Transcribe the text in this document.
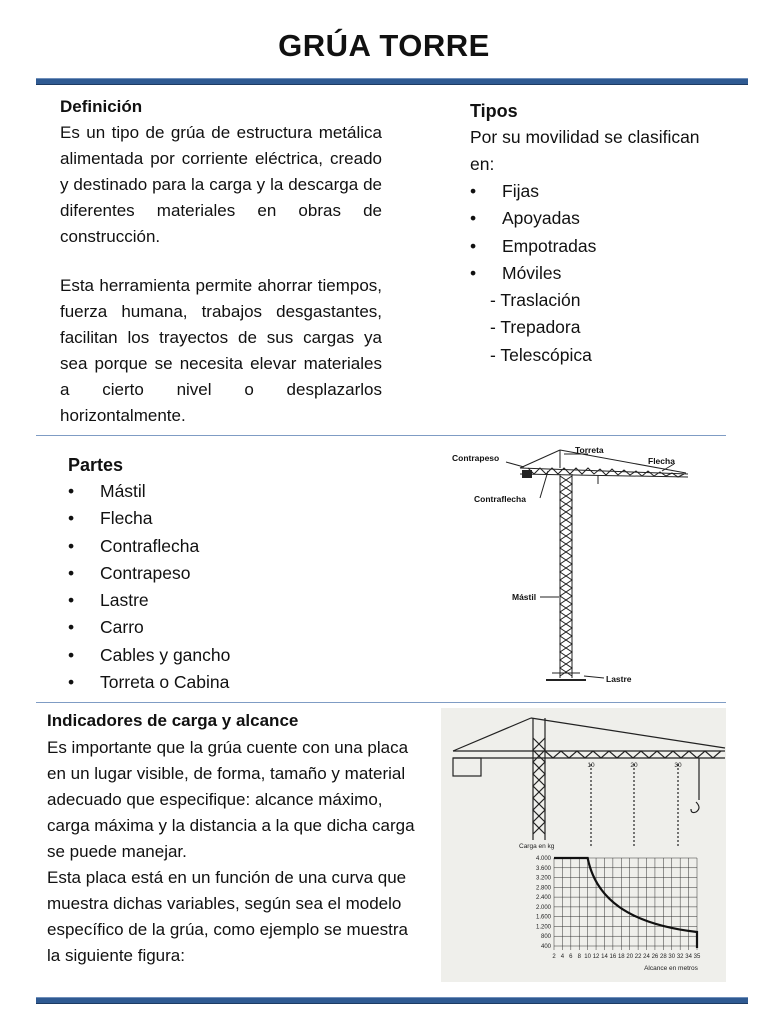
GRÚA TORRE
Definición
Es un tipo de grúa de estructura metálica alimentada por corriente eléctrica, creado y destinado para la carga y la descarga de diferentes materiales en obras de construcción.
Esta herramienta permite ahorrar tiempos, fuerza humana, trabajos desgastantes, facilitan los trayectos de sus cargas ya sea porque se necesita elevar materiales a cierto nivel o desplazarlos horizontalmente.
Tipos
Por su movilidad se clasifican en:
• Fijas
• Apoyadas
• Empotradas
• Móviles
- Traslación
- Trepadora
- Telescópica
Partes
• Mástil
• Flecha
• Contraflecha
• Contrapeso
• Lastre
• Carro
• Cables y gancho
• Torreta o Cabina
Contrapeso
Torreta
Flecha
Contraflecha
Mástil
Lastre
Indicadores de carga y alcance
Es importante que la grúa cuente con una placa en un lugar visible, de forma, tamaño y material adecuado que especifique: alcance máximo, carga máxima y la distancia a la que dicha carga se puede manejar.
Esta placa está en un función de una curva que muestra dichas variables, según sea el modelo específico de la grúa, como ejemplo se muestra la siguiente figura:
10	20	30
Carga en kg
4.000
3.600
3.200
2.800
2.400
2.000
1.600
1.200
800
400
2 4 6 8 10 12 14 16 18 20 22 24 26 28 30 32 34 35
Alcance en metros
